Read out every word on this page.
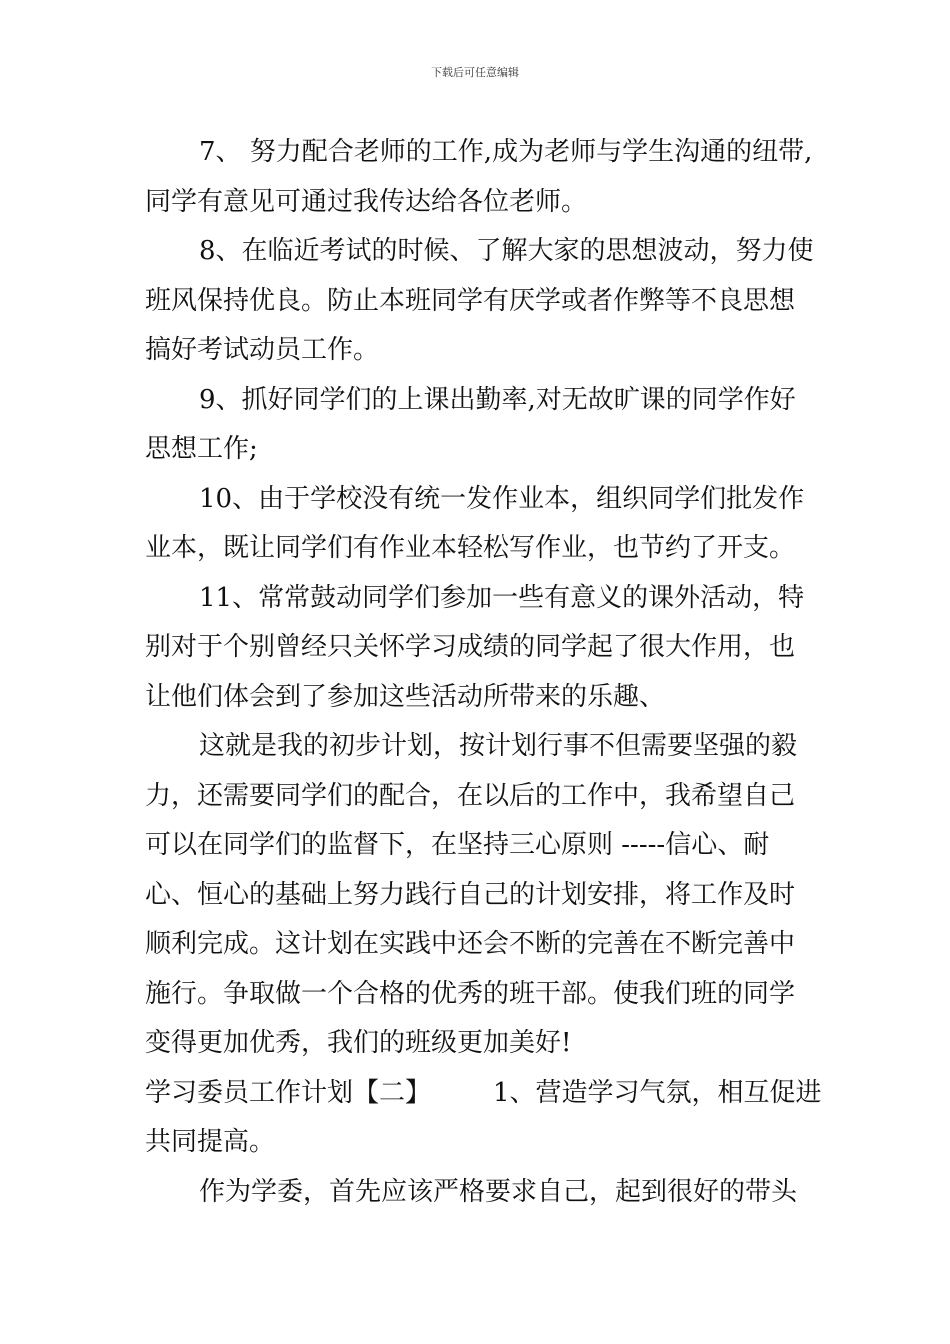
下载后可任意编辑

7、 努力配合老师的工作,成为老师与学生沟通的纽带,
同学有意见可通过我传达给各位老师。

8、在临近考试的时候、了解大家的思想波动，努力使
班风保持优良。防止本班同学有厌学或者作弊等不良思想
搞好考试动员工作。

9、抓好同学们的上课出勤率,对无故旷课的同学作好
思想工作;

10、由于学校没有统一发作业本，组织同学们批发作
业本，既让同学们有作业本轻松写作业，也节约了开支。

11、常常鼓动同学们参加一些有意义的课外活动，特
别对于个别曾经只关怀学习成绩的同学起了很大作用，也
让他们体会到了参加这些活动所带来的乐趣、

这就是我的初步计划，按计划行事不但需要坚强的毅
力，还需要同学们的配合，在以后的工作中，我希望自己
可以在同学们的监督下，在坚持三心原则 -----信心、耐
心、恒心的基础上努力践行自己的计划安排，将工作及时
顺利完成。这计划在实践中还会不断的完善在不断完善中
施行。争取做一个合格的优秀的班干部。使我们班的同学
变得更加优秀，我们的班级更加美好!

学习委员工作计划【二】 1、营造学习气氛，相互促进

共同提高。

作为学委，首先应该严格要求自己，起到很好的带头
